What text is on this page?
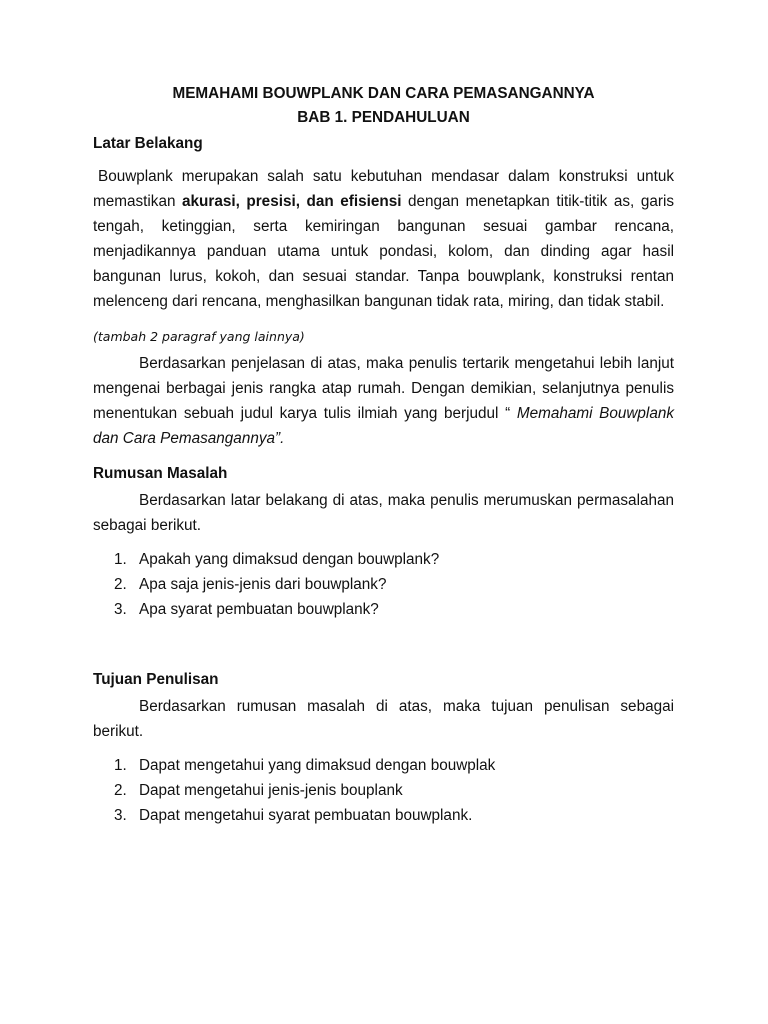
MEMAHAMI BOUWPLANK DAN CARA PEMASANGANNYA

BAB 1. PENDAHULUAN

Latar Belakang

Bouwplank merupakan salah satu kebutuhan mendasar dalam konstruksi untuk memastikan akurasi, presisi, dan efisiensi dengan menetapkan titik-titik as, garis tengah, ketinggian, serta kemiringan bangunan sesuai gambar rencana, menjadikannya panduan utama untuk pondasi, kolom, dan dinding agar hasil bangunan lurus, kokoh, dan sesuai standar. Tanpa bouwplank, konstruksi rentan melenceng dari rencana, menghasilkan bangunan tidak rata, miring, dan tidak stabil.

(tambah 2 paragraf yang lainnya)

Berdasarkan penjelasan di atas, maka penulis tertarik mengetahui lebih lanjut mengenai berbagai jenis rangka atap rumah. Dengan demikian, selanjutnya penulis menentukan sebuah judul karya tulis ilmiah yang berjudul “ Memahami Bouwplank dan Cara Pemasangannya”.

Rumusan Masalah

Berdasarkan latar belakang di atas, maka penulis merumuskan permasalahan sebagai berikut.

1. Apakah yang dimaksud dengan bouwplank?
2. Apa saja jenis-jenis dari bouwplank?
3. Apa syarat pembuatan bouwplank?

Tujuan Penulisan

Berdasarkan rumusan masalah di atas, maka tujuan penulisan sebagai berikut.

1. Dapat mengetahui yang dimaksud dengan bouwplak
2. Dapat mengetahui jenis-jenis bouplank
3. Dapat mengetahui syarat pembuatan bouwplank.
